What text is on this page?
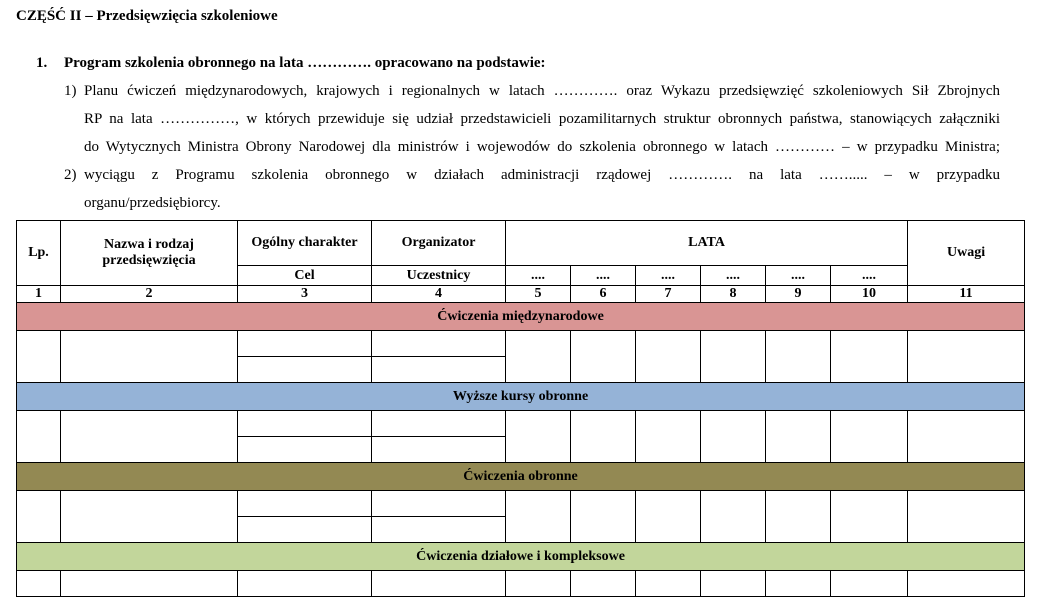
CZĘŚĆ II – Przedsięwzięcia szkoleniowe
1. Program szkolenia obronnego na lata …………. opracowano na podstawie:
1) Planu ćwiczeń międzynarodowych, krajowych i regionalnych w latach …………. oraz Wykazu przedsięwzięć szkoleniowych Sił Zbrojnych
RP na lata ……………, w których przewiduje się udział przedstawicieli pozamilitarnych struktur obronnych państwa, stanowiących załączniki
do Wytycznych Ministra Obrony Narodowej dla ministrów i wojewodów do szkolenia obronnego w latach ………… – w przypadku Ministra;
2) wyciągu z Programu szkolenia obronnego w działach administracji rządowej …………. na lata ……..... – w przypadku
organu/przedsiębiorcy.
Lp.	Nazwa i rodzaj przedsięwzięcia	Ogólny charakter	Organizator	LATA						Uwagi
		Cel	Uczestnicy	....	....	....	....	....	....	
1	2	3	4	5	6	7	8	9	10	11
Ćwiczenia międzynarodowe										

Wyższe kursy obronne										

Ćwiczenia obronne										

Ćwiczenia działowe i kompleksowe										
